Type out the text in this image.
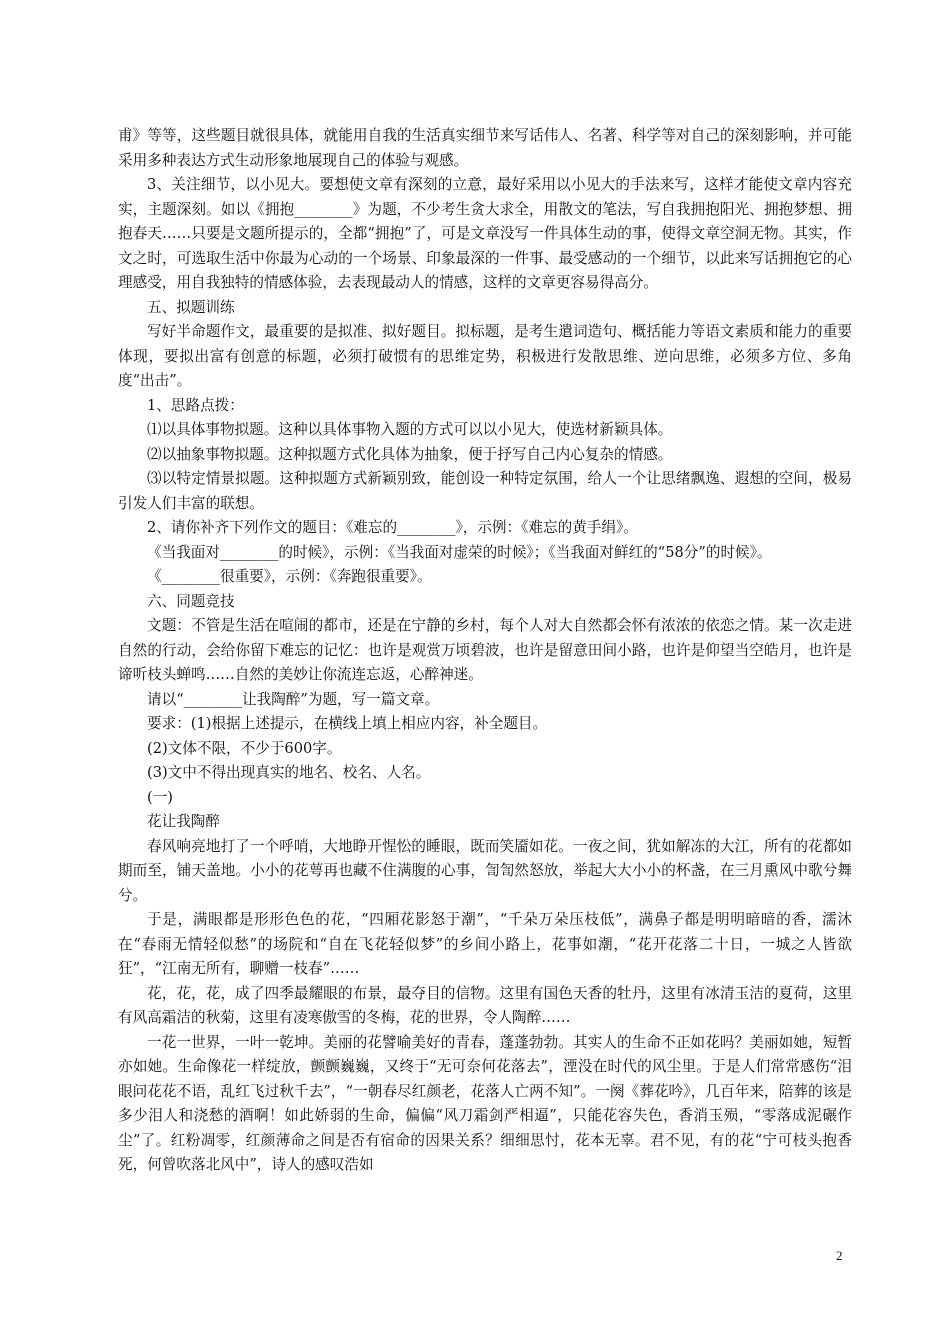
甫》等等，这些题目就很具体，就能用自我的生活真实细节来写话伟人、名著、科学等对自己的深刻影响，并可能采用多种表达方式生动形象地展现自己的体验与观感。

3、关注细节，以小见大。要想使文章有深刻的立意，最好采用以小见大的手法来写，这样才能使文章内容充实，主题深刻。如以《拥抱________》为题，不少考生贪大求全，用散文的笔法，写自我拥抱阳光、拥抱梦想、拥抱春天……只要是文题所提示的，全都“拥抱”了，可是文章没写一件具体生动的事，使得文章空洞无物。其实，作文之时，可选取生活中你最为心动的一个场景、印象最深的一件事、最受感动的一个细节，以此来写话拥抱它的心理感受，用自我独特的情感体验，去表现最动人的情感，这样的文章更容易得高分。

五、拟题训练

写好半命题作文，最重要的是拟准、拟好题目。拟标题，是考生遣词造句、概括能力等语文素质和能力的重要体现，要拟出富有创意的标题，必须打破惯有的思维定势，积极进行发散思维、逆向思维，必须多方位、多角度“出击”。

1、思路点拨：

⑴以具体事物拟题。这种以具体事物入题的方式可以以小见大，使选材新颖具体。

⑵以抽象事物拟题。这种拟题方式化具体为抽象，便于抒写自己内心复杂的情感。

⑶以特定情景拟题。这种拟题方式新颖别致，能创设一种特定氛围，给人一个让思绪飘逸、遐想的空间，极易引发人们丰富的联想。

2、请你补齐下列作文的题目：《难忘的________》，示例：《难忘的黄手绢》。

《当我面对________的时候》，示例：《当我面对虚荣的时候》；《当我面对鲜红的“58分”的时候》。

《________很重要》，示例：《奔跑很重要》。

六、同题竞技

文题：不管是生活在喧闹的都市，还是在宁静的乡村，每个人对大自然都会怀有浓浓的依恋之情。某一次走进自然的行动，会给你留下难忘的记忆：也许是观赏万顷碧波，也许是留意田间小路，也许是仰望当空皓月，也许是谛听枝头蝉鸣……自然的美妙让你流连忘返，心醉神迷。

请以“________让我陶醉”为题，写一篇文章。

要求：(1)根据上述提示，在横线上填上相应内容，补全题目。

(2)文体不限，不少于600字。

(3)文中不得出现真实的地名、校名、人名。

(一)

花让我陶醉

春风响亮地打了一个呼哨，大地睁开惺忪的睡眼，既而笑靥如花。一夜之间，犹如解冻的大江，所有的花都如期而至，铺天盖地。小小的花萼再也藏不住满腹的心事，訇訇然怒放，举起大大小小的杯盏，在三月熏风中歌兮舞兮。

于是，满眼都是形形色色的花，“四厢花影怒于潮”，“千朵万朵压枝低”，满鼻子都是明明暗暗的香，濡沐在“春雨无情轻似愁”的场院和“自在飞花轻似梦”的乡间小路上，花事如潮，“花开花落二十日，一城之人皆欲狂”，“江南无所有，聊赠一枝春”……

花，花，花，成了四季最耀眼的布景，最夺目的信物。这里有国色天香的牡丹，这里有冰清玉洁的夏荷，这里有风高霜洁的秋菊，这里有凌寒傲雪的冬梅，花的世界，令人陶醉……

一花一世界，一叶一乾坤。美丽的花譬喻美好的青春，蓬蓬勃勃。其实人的生命不正如花吗？美丽如她，短暂亦如她。生命像花一样绽放，颤颤巍巍，又终于“无可奈何花落去”，湮没在时代的风尘里。于是人们常常感伤“泪眼问花花不语，乱红飞过秋千去”，“一朝春尽红颜老，花落人亡两不知”。一阕《葬花吟》，几百年来，陪葬的该是多少泪人和浇愁的酒啊！如此娇弱的生命，偏偏“风刀霜剑严相逼”，只能花容失色，香消玉殒，“零落成泥碾作尘”了。红粉凋零，红颜薄命之间是否有宿命的因果关系？细细思忖，花本无辜。君不见，有的花“宁可枝头抱香死，何曾吹落北风中”，诗人的感叹浩如

2
